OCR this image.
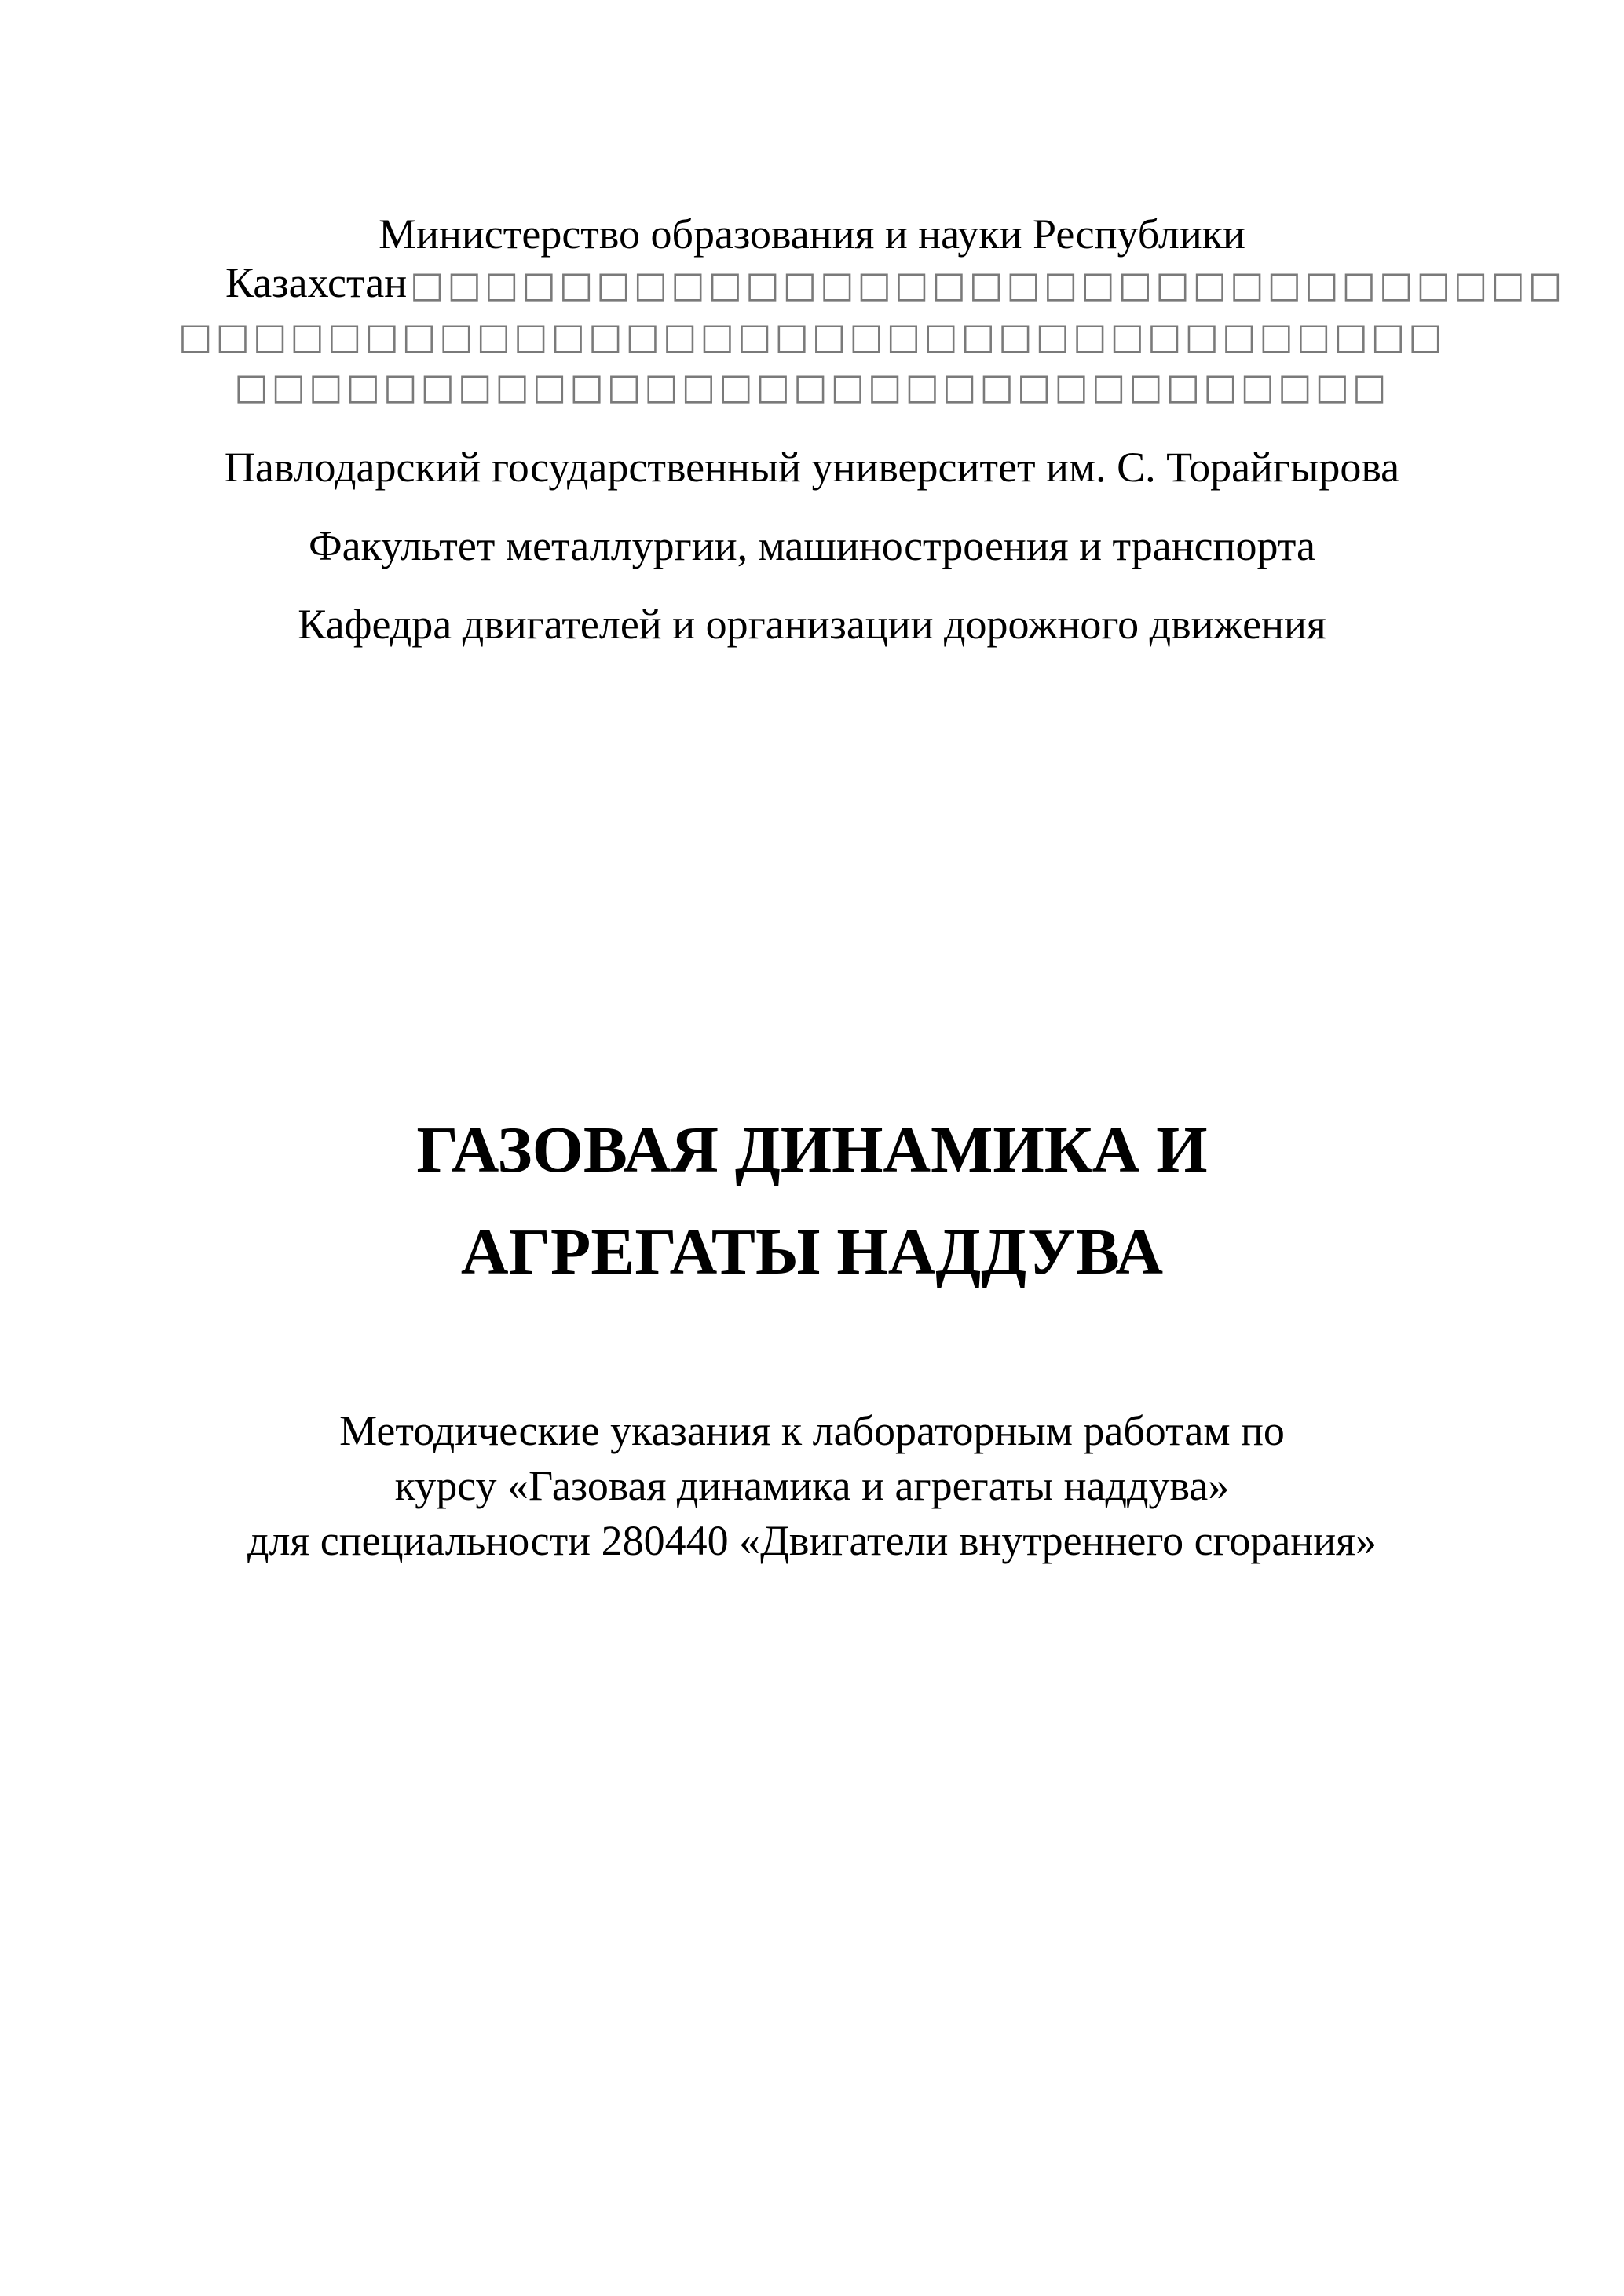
Министерство образования и науки Республики
Казахстан□□□□□□□□□□□□□□□□□□□□□□□□□□□□□□□
□□□□□□□□□□□□□□□□□□□□□□□□□□□□□□□□□□
□□□□□□□□□□□□□□□□□□□□□□□□□□□□□□□
Павлодарский государственный университет им. С. Торайгырова
Факультет металлургии, машиностроения и транспорта
Кафедра двигателей и организации дорожного движения
ГАЗОВАЯ ДИНАМИКА И
АГРЕГАТЫ НАДДУВА
Методические указания к лабораторным работам по
курсу «Газовая динамика и агрегаты наддува»
для специальности 280440 «Двигатели внутреннего сгорания»
